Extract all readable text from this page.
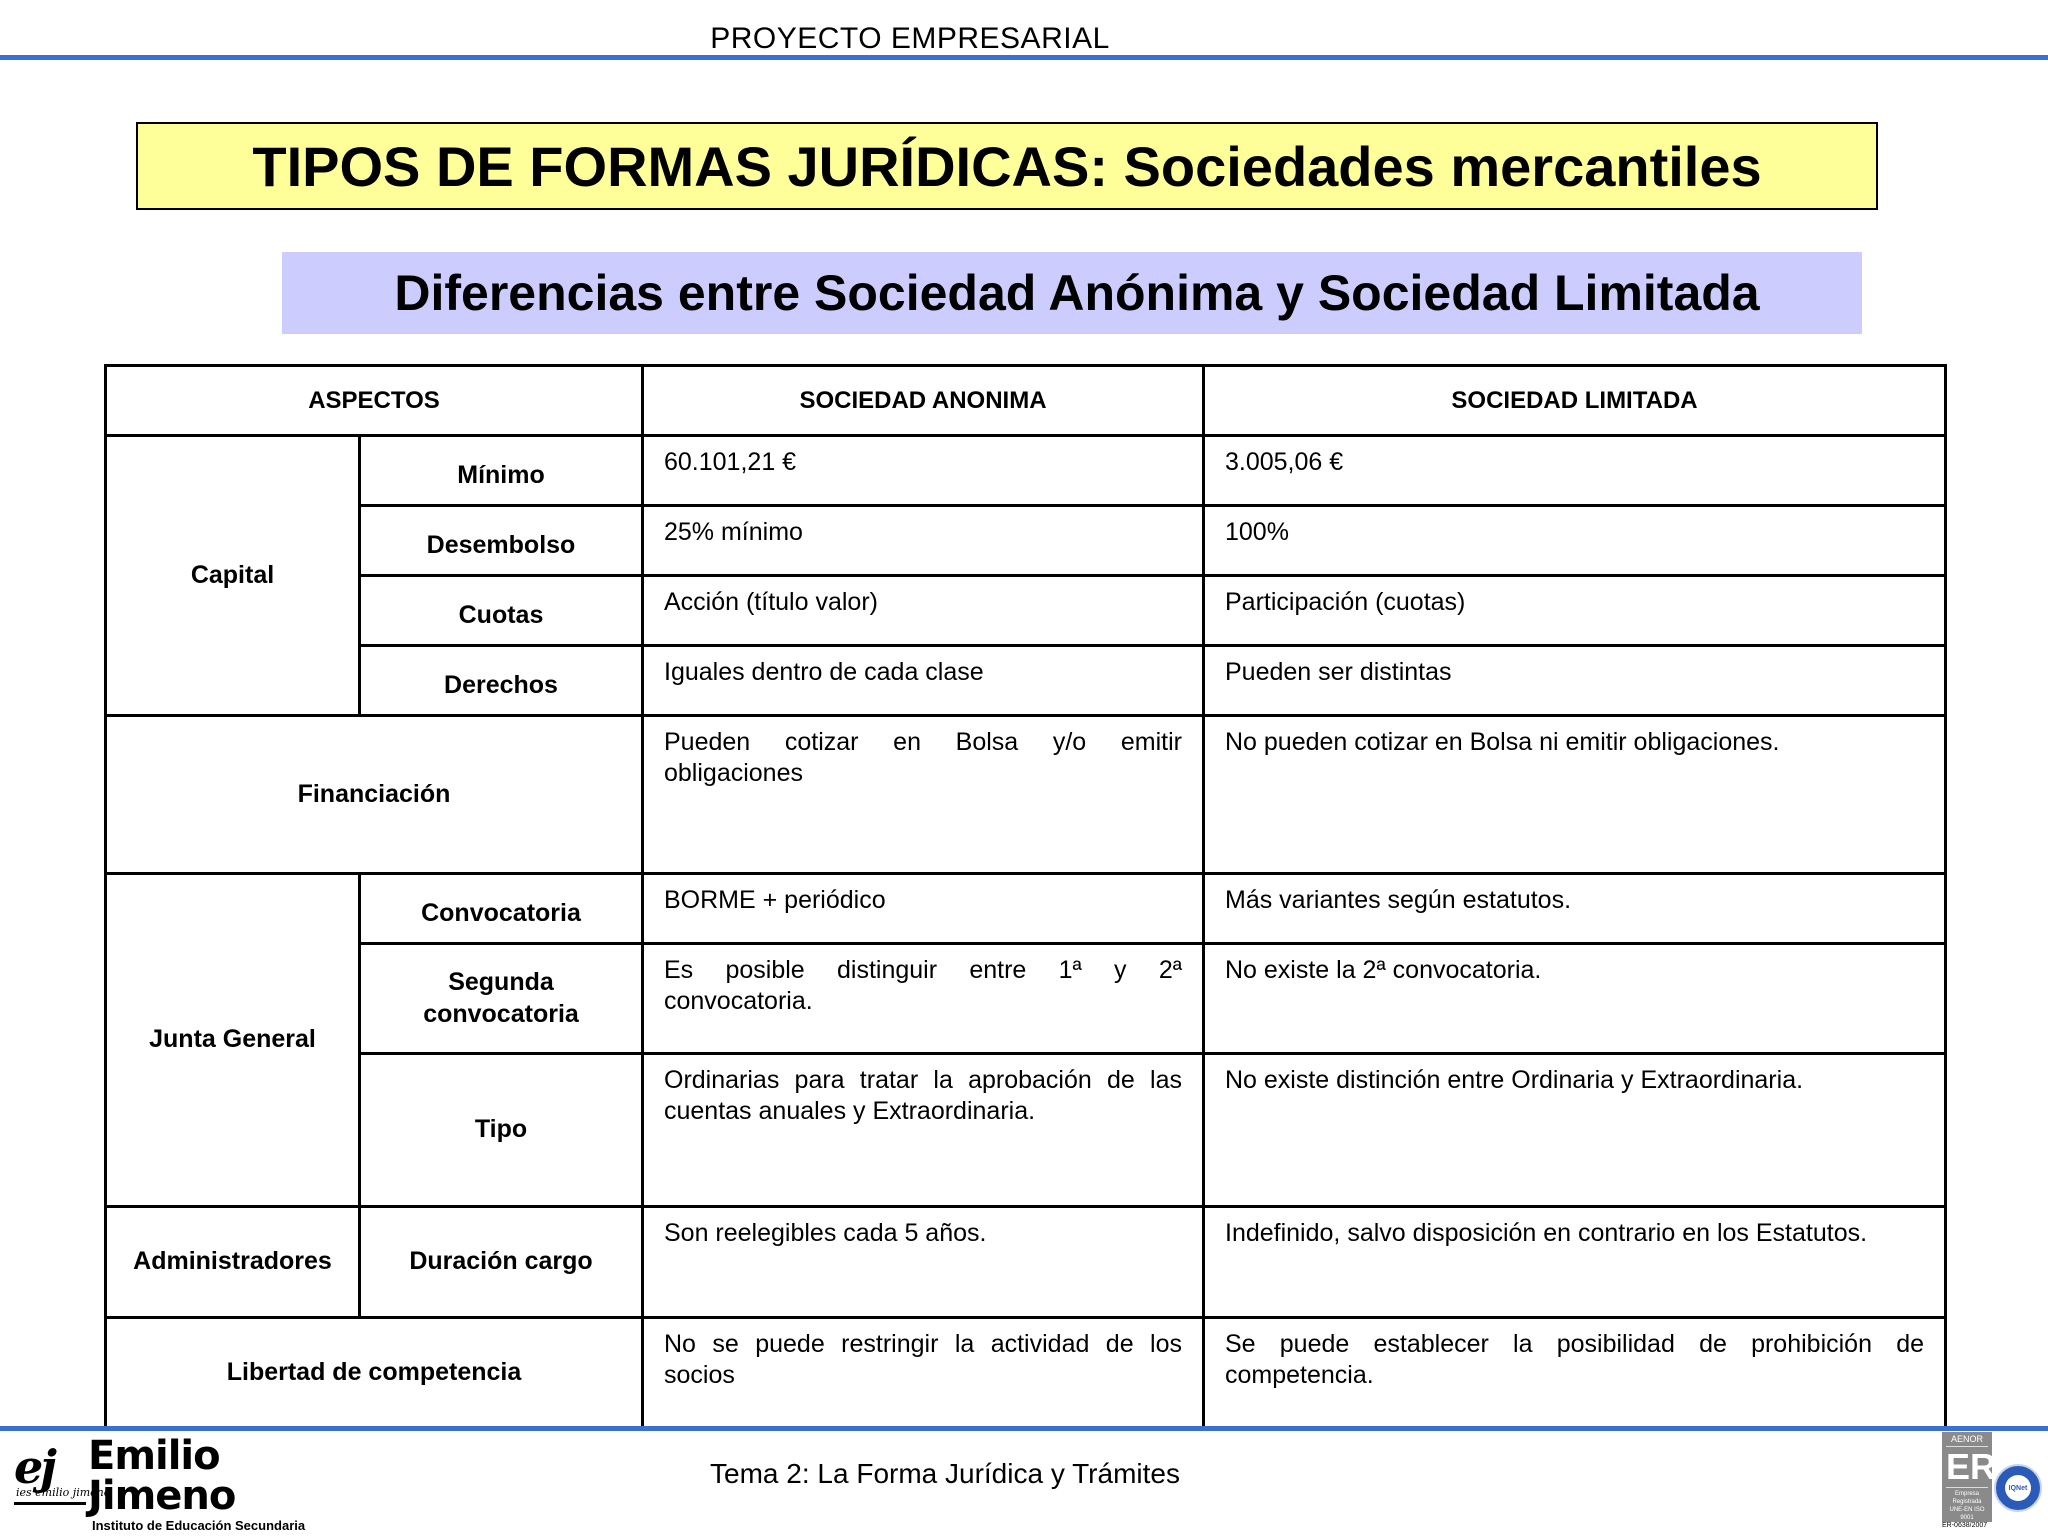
PROYECTO EMPRESARIAL
TIPOS DE FORMAS JURÍDICAS: Sociedades mercantiles
Diferencias entre Sociedad Anónima y Sociedad Limitada
ASPECTOS		SOCIEDAD ANONIMA	SOCIEDAD LIMITADA
Capital	Mínimo	60.101,21 €	3.005,06 €
	Desembolso	25% mínimo	100%
	Cuotas	Acción (título valor)	Participación (cuotas)
	Derechos	Iguales dentro de cada clase	Pueden ser distintas
Financiación		Pueden cotizar en Bolsa y/o emitir obligaciones	No pueden cotizar en Bolsa ni emitir obligaciones.
Junta General	Convocatoria	BORME + periódico	Más variantes según estatutos.
	Segunda convocatoria	Es posible distinguir entre 1ª y 2ª convocatoria.	No existe la 2ª convocatoria.
	Tipo	Ordinarias para tratar la aprobación de las cuentas anuales y Extraordinaria.	No existe distinción entre Ordinaria y Extraordinaria.
Administradores	Duración cargo	Son reelegibles cada 5 años.	Indefinido, salvo disposición en contrario en los Estatutos.
Libertad de competencia		No se puede restringir la actividad de los socios	Se puede establecer la posibilidad de prohibición de competencia.
ej
ies emilio jimeno
Emilio
Jimeno
Instituto de Educación Secundaria
Tema 2: La Forma Jurídica y Trámites
AENOR
ER
Empresa
Registrada
UNE-EN ISO 9001
ER-0638/2007
IQNet
